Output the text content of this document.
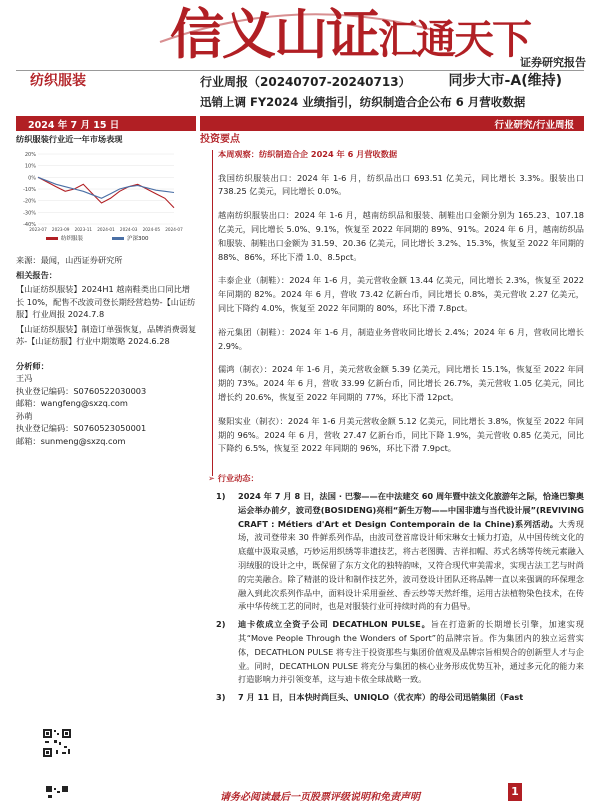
信义山证汇通天下
证券研究报告
纺织服装	行业周报（20240707-20240713）	同步大市-A(维持)
迅销上调 FY2024 业绩指引，纺织制造合企公布 6 月营收数据
2024 年 7 月 15 日	行业研究/行业周报
纺织服装行业近一年市场表现
20%
10%
0%
-10%
-20%
-30%
-40%
2023-07 2023-09 2023-11 2024-01 2024-03 2024-05 2024-07
纺织服装	沪深300
来源：最闻，山西证券研究所
相关报告：
【山证纺织服装】2024H1 越南鞋类出口同比增长 10%，配售不改波司登长期经营趋势-【山证纺服】行业周报 2024.7.8
【山证纺织服装】制造订单强恢复，品牌消费弱复苏-【山证纺服】行业中期策略 2024.6.28
分析师：
王冯
执业登记编码：S0760522030003
邮箱：wangfeng@sxzq.com
孙萌
执业登记编码：S0760523050001
邮箱：sunmeng@sxzq.com
投资要点
本周观察：纺织制造合企 2024 年 6 月营收数据
我国纺织服装出口：2024 年 1-6 月，纺织品出口 693.51 亿美元，同比增长 3.3%。服装出口 738.25 亿美元，同比增长 0.0%。
越南纺织服装出口：2024 年 1-6 月，越南纺织品和服装、制鞋出口金额分别为 165.23、107.18 亿美元，同比增长 5.0%、9.1%，恢复至 2022 年同期的 89%、91%。2024 年 6 月，越南纺织品和服装、制鞋出口金额为 31.59、20.36 亿美元，同比增长 3.2%、15.3%，恢复至 2022 年同期的 88%、86%，环比下滑 1.0、8.5pct。
丰泰企业（制鞋）：2024 年 1-6 月，美元营收金额 13.44 亿美元，同比增长 2.3%，恢复至 2022 年同期的 82%。2024 年 6 月，营收 73.42 亿新台币，同比增长 0.8%，美元营收 2.27 亿美元，同比下降约 4.0%，恢复至 2022 年同期的 80%，环比下滑 7.8pct。
裕元集团（制鞋）：2024 年 1-6 月，制造业务营收同比增长 2.4%；2024 年 6 月，营收同比增长 2.9%。
儒鸿（制衣）：2024 年 1-6 月，美元营收金额 5.39 亿美元，同比增长 15.1%，恢复至 2022 年同期的 73%。2024 年 6 月，营收 33.99 亿新台币，同比增长 26.7%，美元营收 1.05 亿美元，同比增长约 20.6%，恢复至 2022 年同期的 77%，环比下滑 12pct。
聚阳实业（制衣）：2024 年 1-6 月美元营收金额 5.12 亿美元，同比增长 3.8%，恢复至 2022 年同期的 96%。2024 年 6 月，营收 27.47 亿新台币，同比下降 1.9%，美元营收 0.85 亿美元，同比下降约 6.5%，恢复至 2022 年同期的 96%，环比下滑 7.9pct。
➢ 行业动态：
1)	2024 年 7 月 8 日，法国 · 巴黎——在中法建交 60 周年暨中法文化旅游年之际，恰逢巴黎奥运会举办前夕，波司登(BOSIDENG)亮相“新生万物——中国非遗与当代设计展”(REVIVING CRAFT : Métiers d'Art et Design Contemporain de la Chine)系列活动。大秀现场，波司登带来 30 件鲜系列作品，由波司登首席设计师宋琳女士倾力打造，从中国传统文化的底蕴中汲取灵感，巧妙运用织绣等非遗技艺，将古老图腾、吉祥扣帽、苏式名绣等传统元素融入羽绒服的设计之中，既保留了东方文化的独特韵味，又符合现代审美需求，实现古法工艺与时尚的完美融合。除了精湛的设计和制作技艺外，波司登设计团队还将品牌一直以来强调的环保理念融入到此次系列作品中，面料设计采用蚕丝、香云纱等天然纤维，运用古法植物染色技术，在传承中华传统工艺的同时，也是对服装行业可持续时尚的有力倡导。
2)	迪卡侬成立全资子公司 DECATHLON PULSE。旨在打造新的长期增长引擎，加速实现其“Move People Through the Wonders of Sport”的品牌宗旨。作为集团内的独立运营实体，DECATHLON PULSE 将专注于投资那些与集团价值观及品牌宗旨相契合的创新型人才与企业。同时，DECATHLON PULSE 将充分与集团的核心业务形成优势互补，通过多元化的能力来打造影响力并引领变革，这与迪卡侬全球战略一致。
3)	7 月 11 日，日本快时尚巨头、UNIQLO（优衣库）的母公司迅销集团（Fast
请务必阅读最后一页股票评级说明和免责声明	1
